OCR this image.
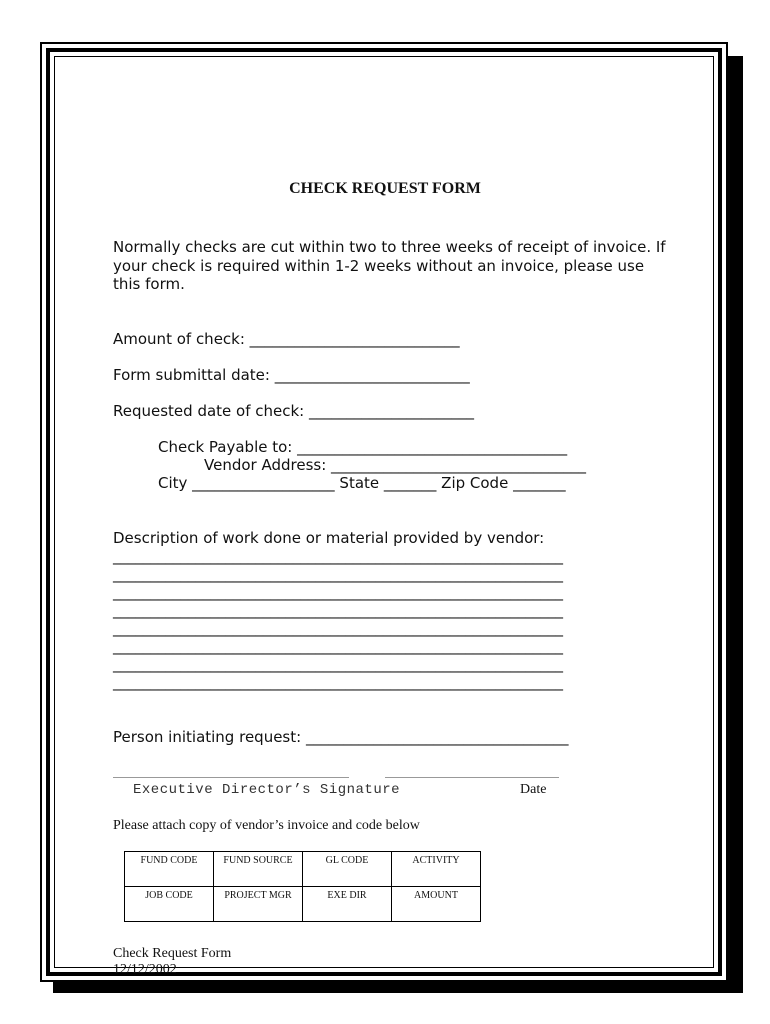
CHECK REQUEST FORM
Normally checks are cut within two to three weeks of receipt of invoice. If your check is required within 1-2 weeks without an invoice, please use this form.
Amount of check: ____________________________
Form submittal date: __________________________
Requested date of check: ______________________
Check Payable to: ____________________________________
Vendor Address: __________________________________
City ___________________ State _______ Zip Code _______
Description of work done or material provided by vendor:
____________________________________________________________
____________________________________________________________
____________________________________________________________
____________________________________________________________
____________________________________________________________
____________________________________________________________
____________________________________________________________
____________________________________________________________
Person initiating request: ___________________________________
Executive Director’s Signature	Date
Please attach copy of vendor’s invoice and code below
FUND CODE	FUND SOURCE	GL CODE	ACTIVITY
JOB CODE	PROJECT MGR	EXE DIR	AMOUNT
Check Request Form
12/12/2002
